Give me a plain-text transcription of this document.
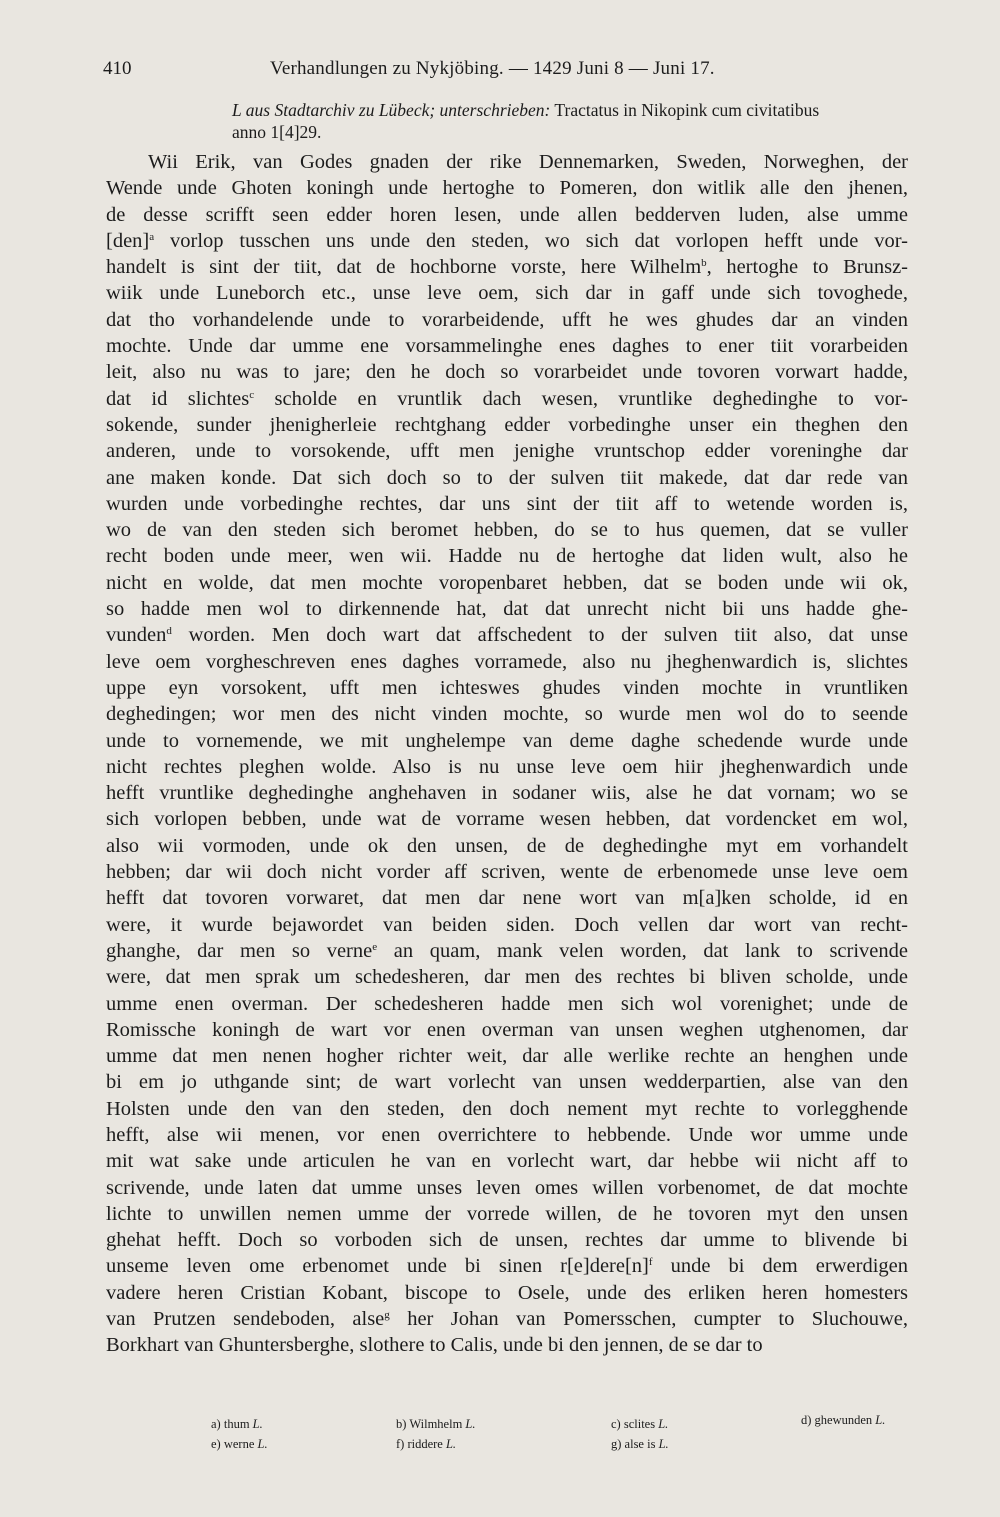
410	Verhandlungen zu Nykjöbing. — 1429 Juni 8 — Juni 17.
L aus Stadtarchiv zu Lübeck; unterschrieben: Tractatus in Nikopink cum civitatibus
anno 1[4]29.
Wii Erik, van Godes gnaden der rike Dennemarken, Sweden, Norweghen, der
Wende unde Ghoten koningh unde hertoghe to Pomeren, don witlik alle den jhenen,
de desse scrifft seen edder horen lesen, unde allen bedderven luden, alse umme
[den]$^a$ vorlop tusschen uns unde den steden, wo sich dat vorlopen hefft unde vor-
handelt is sint der tiit, dat de hochborne vorste, here Wilhelm$^b$, hertoghe to Brunsz-
wiik unde Luneborch etc., unse leve oem, sich dar in gaff unde sich tovoghede,
dat tho vorhandelende unde to vorarbeidende, ufft he wes ghudes dar an vinden
mochte. Unde dar umme ene vorsammelinghe enes daghes to ener tiit vorarbeiden
leit, also nu was to jare; den he doch so vorarbeidet unde tovoren vorwart hadde,
dat id slichtes$^c$ scholde en vruntlik dach wesen, vruntlike deghedinghe to vor-
sokende, sunder jhenigherleie rechtghang edder vorbedinghe unser ein theghen den
anderen, unde to vorsokende, ufft men jenighe vruntschop edder voreninghe dar
ane maken konde. Dat sich doch so to der sulven tiit makede, dat dar rede van
wurden unde vorbedinghe rechtes, dar uns sint der tiit aff to wetende worden is,
wo de van den steden sich beromet hebben, do se to hus quemen, dat se vuller
recht boden unde meer, wen wii. Hadde nu de hertoghe dat liden wult, also he
nicht en wolde, dat men mochte voropenbaret hebben, dat se boden unde wii ok,
so hadde men wol to dirkennende hat, dat dat unrecht nicht bii uns hadde ghe-
vunden$^d$ worden. Men doch wart dat affschedent to der sulven tiit also, dat unse
leve oem vorgheschreven enes daghes vorramede, also nu jheghenwardich is, slichtes
uppe eyn vorsokent, ufft men ichteswes ghudes vinden mochte in vruntliken
deghedingen; wor men des nicht vinden mochte, so wurde men wol do to seende
unde to vornemende, we mit unghelempe van deme daghe schedende wurde unde
nicht rechtes pleghen wolde. Also is nu unse leve oem hiir jheghenwardich unde
hefft vruntlike deghedinghe anghehaven in sodaner wiis, alse he dat vornam; wo se
sich vorlopen bebben, unde wat de vorrame wesen hebben, dat vordencket em wol,
also wii vormoden, unde ok den unsen, de de deghedinghe myt em vorhandelt
hebben; dar wii doch nicht vorder aff scriven, wente de erbenomede unse leve oem
hefft dat tovoren vorwaret, dat men dar nene wort van m[a]ken scholde, id en
were, it wurde bejawordet van beiden siden. Doch vellen dar wort van recht-
ghanghe, dar men so verne$^e$ an quam, mank velen worden, dat lank to scrivende
were, dat men sprak um schedesheren, dar men des rechtes bi bliven scholde, unde
umme enen overman. Der schedesheren hadde men sich wol vorenighet; unde de
Romissche koningh de wart vor enen overman van unsen weghen utghenomen, dar
umme dat men nenen hogher richter weit, dar alle werlike rechte an henghen unde
bi em jo uthgande sint; de wart vorlecht van unsen wedderpartien, alse van den
Holsten unde den van den steden, den doch nement myt rechte to vorlegghende
hefft, alse wii menen, vor enen overrichtere to hebbende. Unde wor umme unde
mit wat sake unde articulen he van en vorlecht wart, dar hebbe wii nicht aff to
scrivende, unde laten dat umme unses leven omes willen vorbenomet, de dat mochte
lichte to unwillen nemen umme der vorrede willen, de he tovoren myt den unsen
ghehat hefft. Doch so vorboden sich de unsen, rechtes dar umme to blivende bi
unseme leven ome erbenomet unde bi sinen $r[e]dere[n]^f$ unde bi dem erwerdigen
vadere heren Cristian Kobant, biscope to Osele, unde des erliken heren homesters
van Prutzen sendeboden, alse$^g$ her Johan van Pomersschen, cumpter to Sluchouwe,
Borkhart van Ghuntersberghe, slothere to Calis, unde bi den jennen, de se dar to
a) thum L.	b) Wilmhelm L.	c) sclites L.	d) ghewunden L.
e) werne L.	f) riddere L.	g) alse is L.
